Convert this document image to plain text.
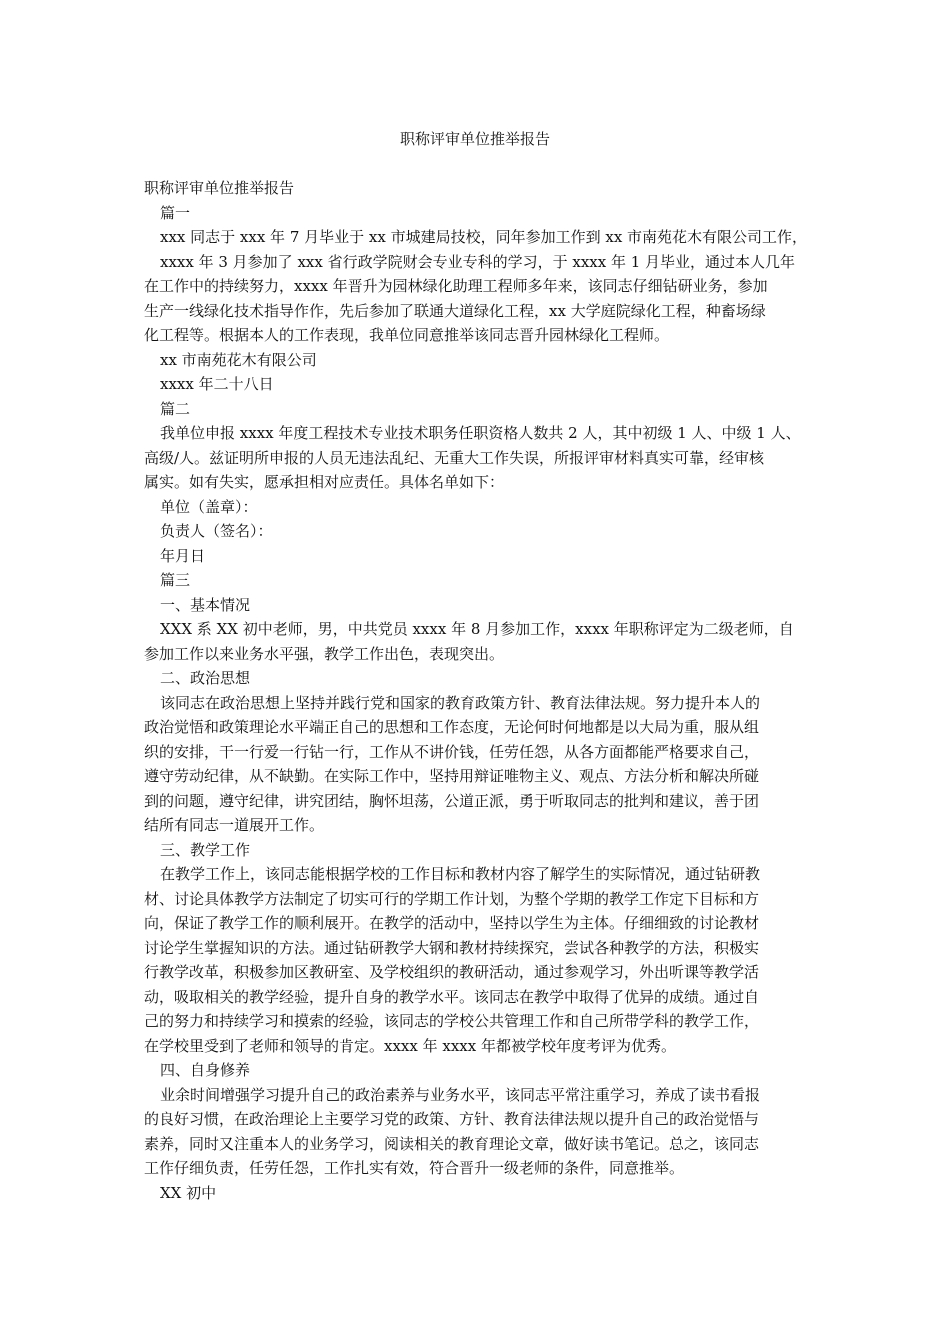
职称评审单位推举报告
职称评审单位推举报告
篇一
xxx 同志于 xxx 年 7 月毕业于 xx 市城建局技校，同年参加工作到 xx 市南苑花木有限公司工作，
xxxx 年 3 月参加了 xxx 省行政学院财会专业专科的学习，于 xxxx 年 1 月毕业，通过本人几年
在工作中的持续努力，xxxx 年晋升为园林绿化助理工程师多年来，该同志仔细钻研业务，参加
生产一线绿化技术指导作作，先后参加了联通大道绿化工程，xx 大学庭院绿化工程，种畜场绿
化工程等。根据本人的工作表现，我单位同意推举该同志晋升园林绿化工程师。
xx 市南苑花木有限公司
xxxx 年二十八日
篇二
我单位申报 xxxx 年度工程技术专业技术职务任职资格人数共 2 人，其中初级 1 人、中级 1 人、
高级/人。兹证明所申报的人员无违法乱纪、无重大工作失误，所报评审材料真实可靠，经审核
属实。如有失实，愿承担相对应责任。具体名单如下：
单位（盖章）：
负责人（签名）：
年月日
篇三
一、基本情况
XXX 系 XX 初中老师，男，中共党员 xxxx 年 8 月参加工作，xxxx 年职称评定为二级老师，自
参加工作以来业务水平强，教学工作出色，表现突出。
二、政治思想
该同志在政治思想上坚持并践行党和国家的教育政策方针、教育法律法规。努力提升本人的
政治觉悟和政策理论水平端正自己的思想和工作态度，无论何时何地都是以大局为重，服从组
织的安排，干一行爱一行钻一行，工作从不讲价钱，任劳任怨，从各方面都能严格要求自己，
遵守劳动纪律，从不缺勤。在实际工作中，坚持用辩证唯物主义、观点、方法分析和解决所碰
到的问题，遵守纪律，讲究团结，胸怀坦荡，公道正派，勇于听取同志的批判和建议，善于团
结所有同志一道展开工作。
三、教学工作
在教学工作上，该同志能根据学校的工作目标和教材内容了解学生的实际情况，通过钻研教
材、讨论具体教学方法制定了切实可行的学期工作计划，为整个学期的教学工作定下目标和方
向，保证了教学工作的顺利展开。在教学的活动中，坚持以学生为主体。仔细细致的讨论教材
讨论学生掌握知识的方法。通过钻研教学大钢和教材持续探究，尝试各种教学的方法，积极实
行教学改革，积极参加区教研室、及学校组织的教研活动，通过参观学习，外出听课等教学活
动，吸取相关的教学经验，提升自身的教学水平。该同志在教学中取得了优异的成绩。通过自
己的努力和持续学习和摸索的经验，该同志的学校公共管理工作和自己所带学科的教学工作，
在学校里受到了老师和领导的肯定。xxxx 年 xxxx 年都被学校年度考评为优秀。
四、自身修养
业余时间增强学习提升自己的政治素养与业务水平，该同志平常注重学习，养成了读书看报
的良好习惯，在政治理论上主要学习党的政策、方针、教育法律法规以提升自己的政治觉悟与
素养，同时又注重本人的业务学习，阅读相关的教育理论文章，做好读书笔记。总之，该同志
工作仔细负责，任劳任怨，工作扎实有效，符合晋升一级老师的条件，同意推举。
XX 初中
